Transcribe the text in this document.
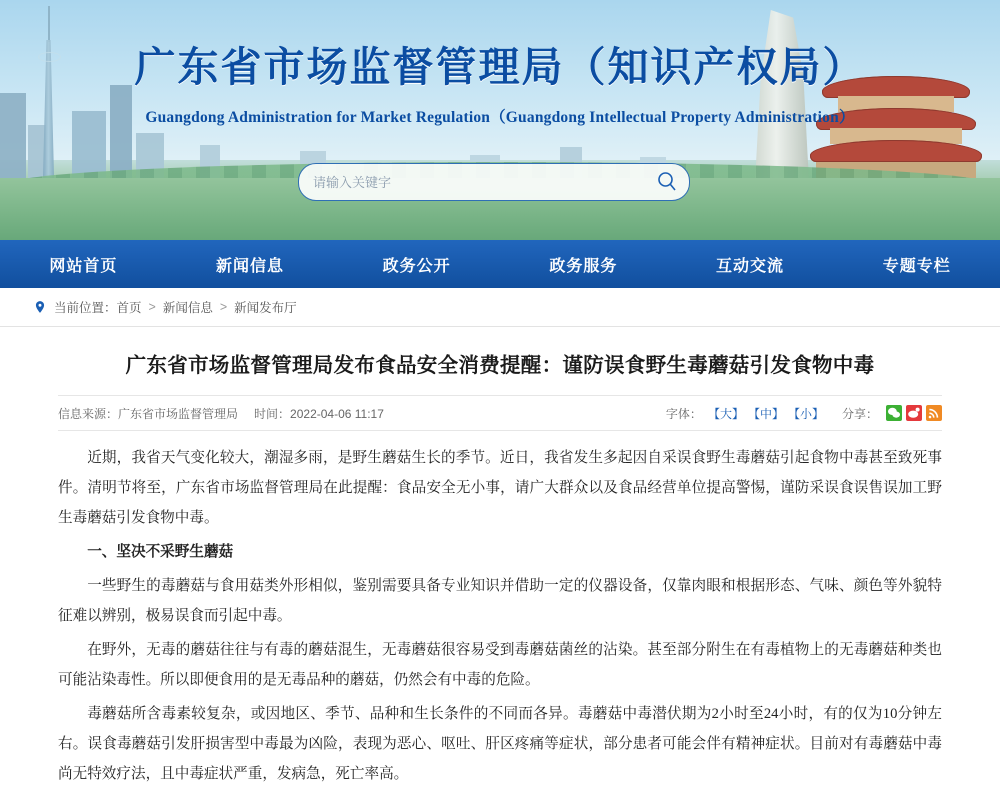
广东省市场监督管理局（知识产权局）
Guangdong Administration for Market Regulation（Guangdong Intellectual Property Administration）
请输入关键字
网站首页	新闻信息	政务公开	政务服务	互动交流	专题专栏
当前位置： 首页 > 新闻信息 > 新闻发布厅
广东省市场监督管理局发布食品安全消费提醒：谨防误食野生毒蘑菇引发食物中毒
信息来源：广东省市场监督管理局 时间：2022-04-06 11:17	字体： 【大】 【中】 【小】 分享：

近期，我省天气变化较大，潮湿多雨，是野生蘑菇生长的季节。近日，我省发生多起因自采误食野生毒蘑菇引起食物中毒甚至致死事件。清明节将至，广东省市场监督管理局在此提醒：食品安全无小事，请广大群众以及食品经营单位提高警惕，谨防采误食误售误加工野生毒蘑菇引发食物中毒。

一、坚决不采野生蘑菇

一些野生的毒蘑菇与食用菇类外形相似，鉴别需要具备专业知识并借助一定的仪器设备，仅靠肉眼和根据形态、气味、颜色等外貌特征难以辨别，极易误食而引起中毒。

在野外，无毒的蘑菇往往与有毒的蘑菇混生，无毒蘑菇很容易受到毒蘑菇菌丝的沾染。甚至部分附生在有毒植物上的无毒蘑菇种类也可能沾染毒性。所以即便食用的是无毒品种的蘑菇，仍然会有中毒的危险。

毒蘑菇所含毒素较复杂，或因地区、季节、品种和生长条件的不同而各异。毒蘑菇中毒潜伏期为2小时至24小时，有的仅为10分钟左右。误食毒蘑菇引发肝损害型中毒最为凶险，表现为恶心、呕吐、肝区疼痛等症状，部分患者可能会伴有精神症状。目前对有毒蘑菇中毒尚无特效疗法，且中毒症状严重，发病急，死亡率高。
